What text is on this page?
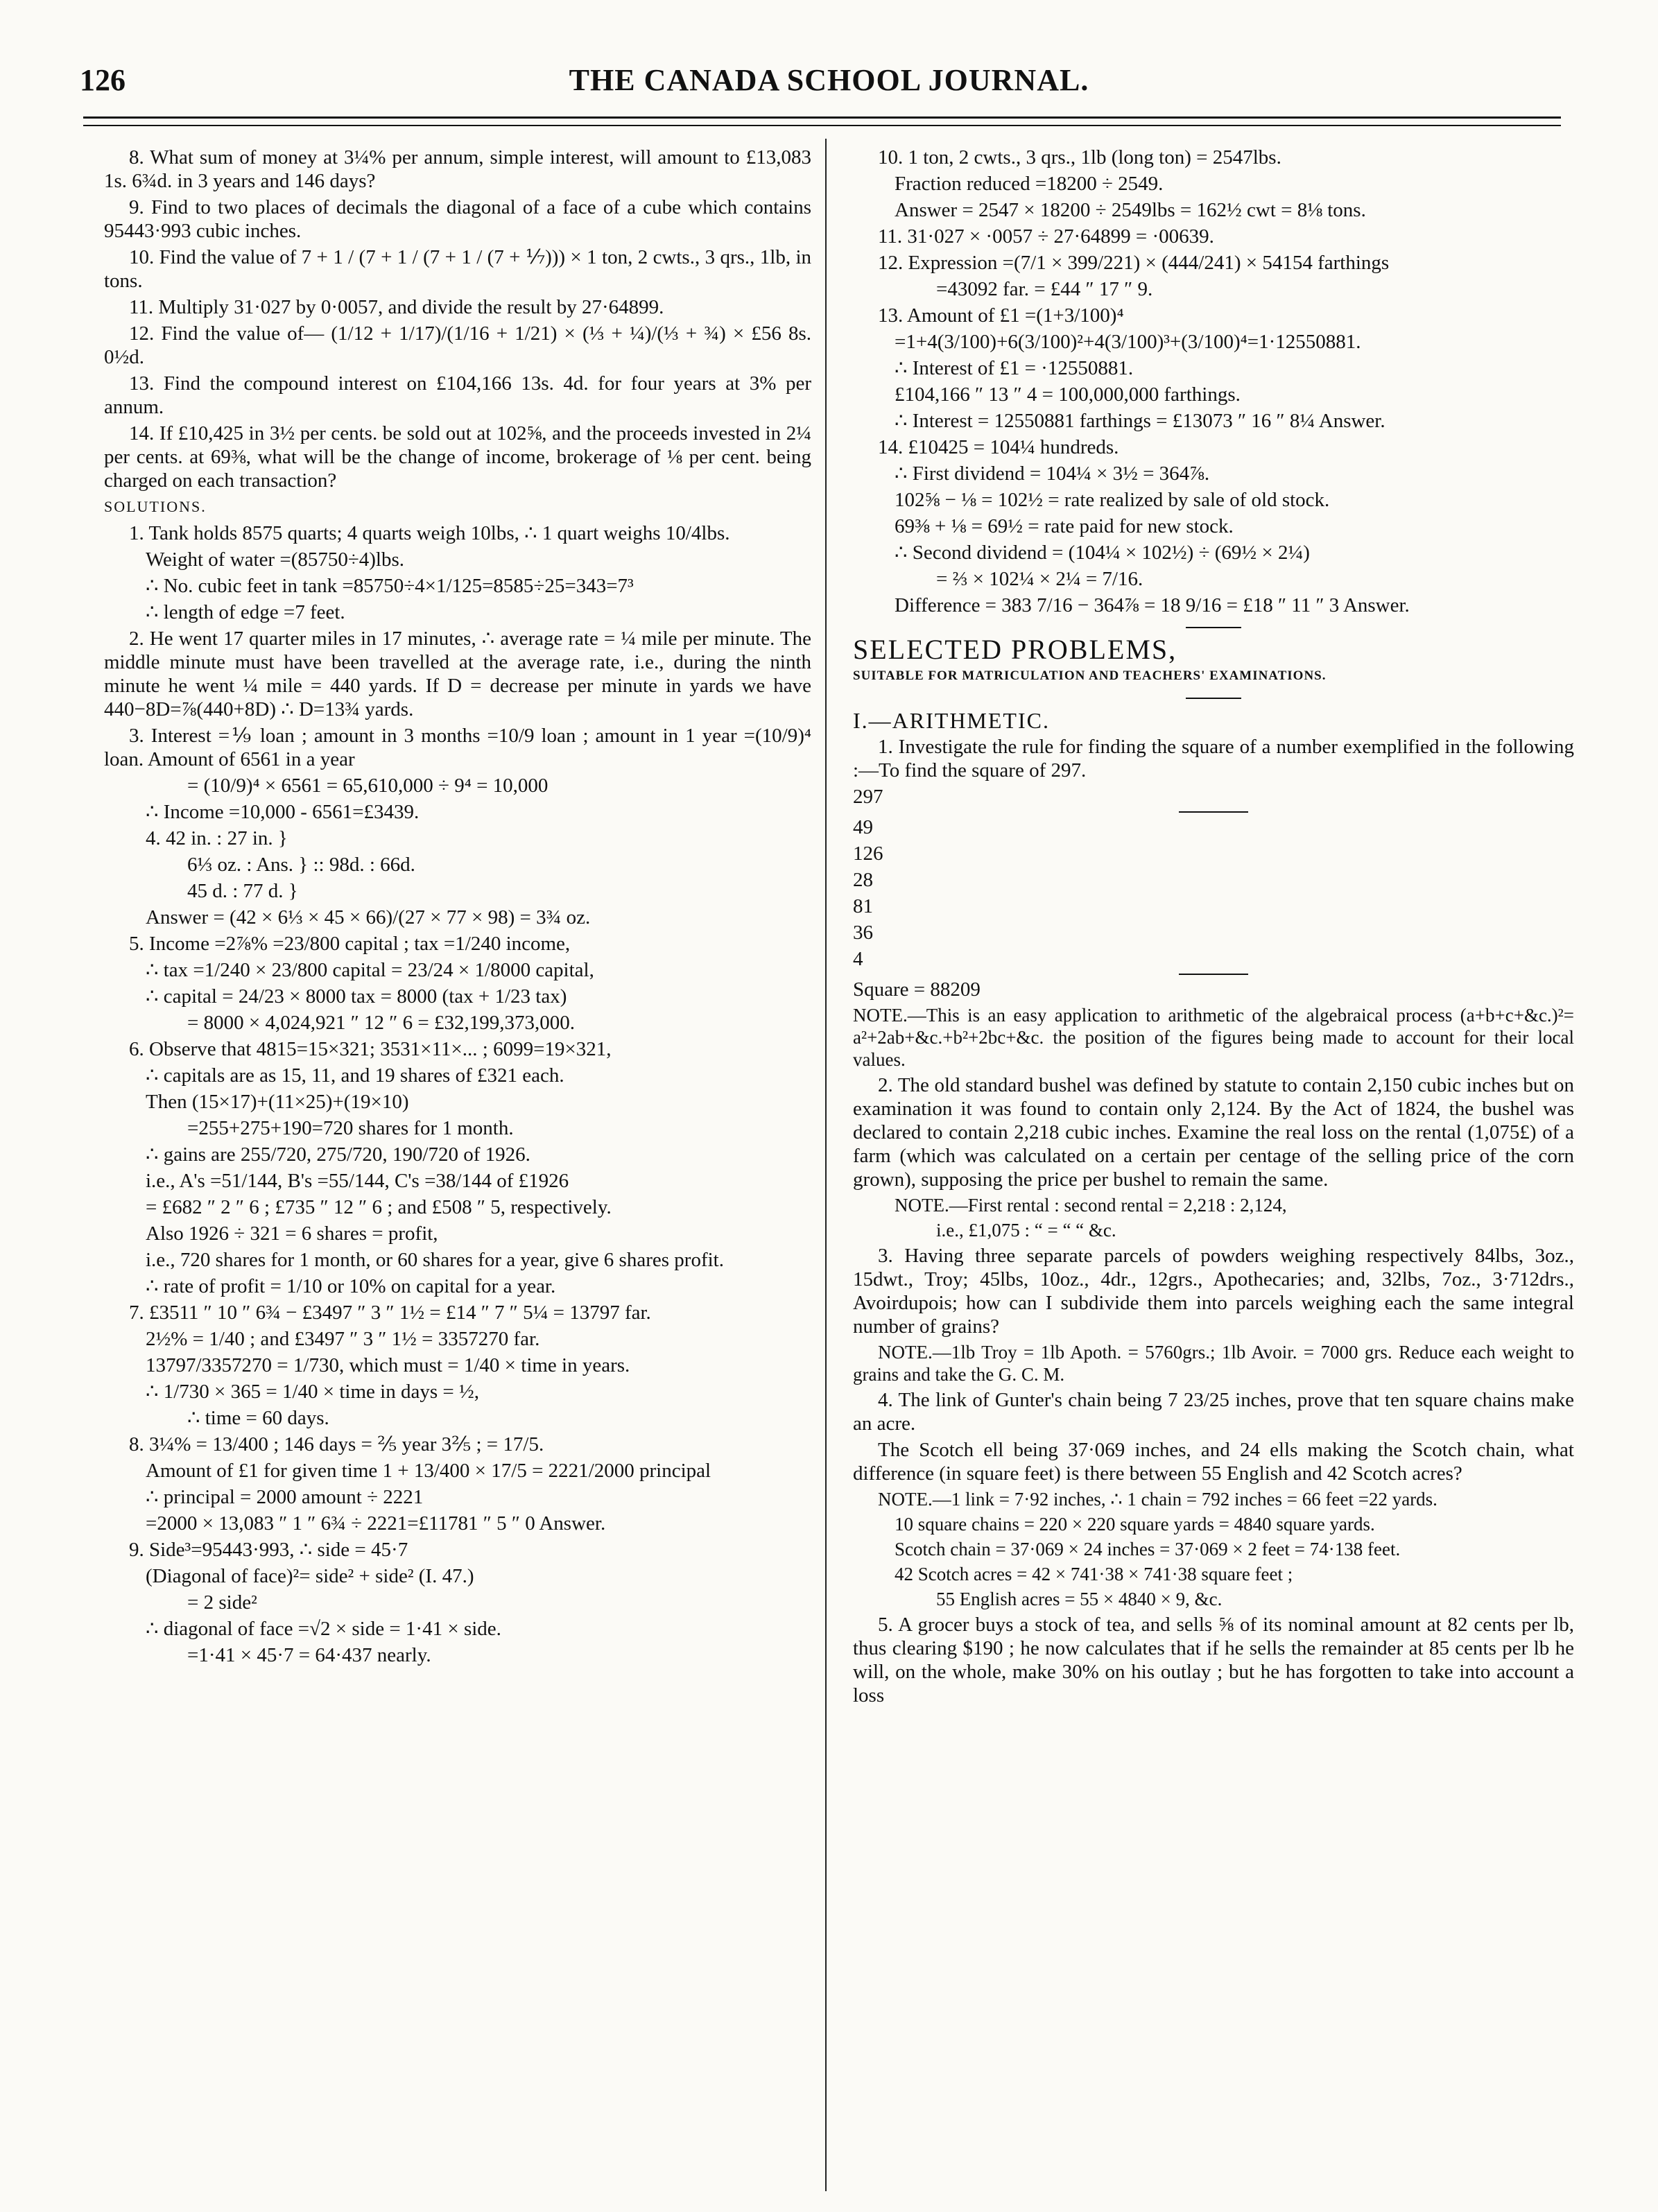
126	THE CANADA SCHOOL JOURNAL.

8. What sum of money at 3¼% per annum, simple interest, will amount to £13,083 1s. 6¾d. in 3 years and 146 days?

9. Find to two places of decimals the diagonal of a face of a cube which contains 95443·993 cubic inches.

10. Find the value of 7 + 1 / (7 + 1 / (7 + 1 / (7 + ⅐))) × 1 ton, 2 cwts., 3 qrs., 1lb, in tons.

11. Multiply 31·027 by 0·0057, and divide the result by 27·64899.

12. Find the value of— (1/12 + 1/17)/(1/16 + 1/21) × (⅓ + ¼)/(⅓ + ¾) × £56 8s. 0½d.

13. Find the compound interest on £104,166 13s. 4d. for four years at 3% per annum.

14. If £10,425 in 3½ per cents. be sold out at 102⅝, and the proceeds invested in 2¼ per cents. at 69⅜, what will be the change of income, brokerage of ⅛ per cent. being charged on each transaction?

SOLUTIONS.

1. Tank holds 8575 quarts; 4 quarts weigh 10lbs, ∴ 1 quart weighs 10/4lbs.

Weight of water =(85750÷4)lbs.

∴ No. cubic feet in tank =85750÷4×1/125=8585÷25=343=7³

∴ length of edge =7 feet.

2. He went 17 quarter miles in 17 minutes, ∴ average rate = ¼ mile per minute. The middle minute must have been travelled at the average rate, i.e., during the ninth minute he went ¼ mile = 440 yards. If D = decrease per minute in yards we have 440−8D=⅞(440+8D) ∴ D=13¾ yards.

3. Interest =⅑ loan ; amount in 3 months =10/9 loan ; amount in 1 year =(10/9)⁴ loan. Amount of 6561 in a year

= (10/9)⁴ × 6561 = 65,610,000 ÷ 9⁴ = 10,000

∴ Income =10,000 - 6561=£3439.

4. 42 in. : 27 in. }

6⅓ oz. : Ans. } :: 98d. : 66d.

45 d. : 77 d. }

Answer = (42 × 6⅓ × 45 × 66)/(27 × 77 × 98) = 3¾ oz.

5. Income =2⅞% =23/800 capital ; tax =1/240 income,

∴ tax =1/240 × 23/800 capital = 23/24 × 1/8000 capital,

∴ capital = 24/23 × 8000 tax = 8000 (tax + 1/23 tax)

= 8000 × 4,024,921 ″ 12 ″ 6 = £32,199,373,000.

6. Observe that 4815=15×321; 3531×11×... ; 6099=19×321,

∴ capitals are as 15, 11, and 19 shares of £321 each.

Then (15×17)+(11×25)+(19×10)

=255+275+190=720 shares for 1 month.

∴ gains are 255/720, 275/720, 190/720 of 1926.

i.e., A's =51/144, B's =55/144, C's =38/144 of £1926

= £682 ″ 2 ″ 6 ; £735 ″ 12 ″ 6 ; and £508 ″ 5, respectively.

Also 1926 ÷ 321 = 6 shares = profit,

i.e., 720 shares for 1 month, or 60 shares for a year, give 6 shares profit.

∴ rate of profit = 1/10 or 10% on capital for a year.

7. £3511 ″ 10 ″ 6¾ − £3497 ″ 3 ″ 1½ = £14 ″ 7 ″ 5¼ = 13797 far.

2½% = 1/40 ; and £3497 ″ 3 ″ 1½ = 3357270 far.

13797/3357270 = 1/730, which must = 1/40 × time in years.

∴ 1/730 × 365 = 1/40 × time in days = ½,

∴ time = 60 days.

8. 3¼% = 13/400 ; 146 days = ⅖ year 3⅖ ; = 17/5.

Amount of £1 for given time 1 + 13/400 × 17/5 = 2221/2000 principal

∴ principal = 2000 amount ÷ 2221

=2000 × 13,083 ″ 1 ″ 6¾ ÷ 2221=£11781 ″ 5 ″ 0 Answer.

9. Side³=95443·993, ∴ side = 45·7

(Diagonal of face)²= side² + side² (I. 47.)

= 2 side²

∴ diagonal of face =√2 × side = 1·41 × side.

=1·41 × 45·7 = 64·437 nearly.

10. 1 ton, 2 cwts., 3 qrs., 1lb (long ton) = 2547lbs.

Fraction reduced =18200 ÷ 2549.

Answer = 2547 × 18200 ÷ 2549lbs = 162½ cwt = 8⅛ tons.

11. 31·027 × ·0057 ÷ 27·64899 = ·00639.

12. Expression =(7/1 × 399/221) × (444/241) × 54154 farthings

=43092 far. = £44 ″ 17 ″ 9.

13. Amount of £1 =(1+3/100)⁴

=1+4(3/100)+6(3/100)²+4(3/100)³+(3/100)⁴=1·12550881.

∴ Interest of £1 = ·12550881.

£104,166 ″ 13 ″ 4 = 100,000,000 farthings.

∴ Interest = 12550881 farthings = £13073 ″ 16 ″ 8¼ Answer.

14. £10425 = 104¼ hundreds.

∴ First dividend = 104¼ × 3½ = 364⅞.

102⅝ − ⅛ = 102½ = rate realized by sale of old stock.

69⅜ + ⅛ = 69½ = rate paid for new stock.

∴ Second dividend = (104¼ × 102½) ÷ (69½ × 2¼)

= ⅔ × 102¼ × 2¼ = 7/16.

Difference = 383 7/16 − 364⅞ = 18 9/16 = £18 ″ 11 ″ 3 Answer.

SELECTED PROBLEMS,

SUITABLE FOR MATRICULATION AND TEACHERS' EXAMINATIONS.

I.—ARITHMETIC.

1. Investigate the rule for finding the square of a number exemplified in the following :—To find the square of 297.

297

49

126

28

81

36

4

Square = 88209

NOTE.—This is an easy application to arithmetic of the algebraical process (a+b+c+&c.)²= a²+2ab+&c.+b²+2bc+&c. the position of the figures being made to account for their local values.

2. The old standard bushel was defined by statute to contain 2,150 cubic inches but on examination it was found to contain only 2,124. By the Act of 1824, the bushel was declared to contain 2,218 cubic inches. Examine the real loss on the rental (1,075£) of a farm (which was calculated on a certain per centage of the selling price of the corn grown), supposing the price per bushel to remain the same.

NOTE.—First rental : second rental = 2,218 : 2,124,

i.e., £1,075 : “ = “ “ &c.

3. Having three separate parcels of powders weighing respectively 84lbs, 3oz., 15dwt., Troy; 45lbs, 10oz., 4dr., 12grs., Apothecaries; and, 32lbs, 7oz., 3·712drs., Avoirdupois; how can I subdivide them into parcels weighing each the same integral number of grains?

NOTE.—1lb Troy = 1lb Apoth. = 5760grs.; 1lb Avoir. = 7000 grs. Reduce each weight to grains and take the G. C. M.

4. The link of Gunter's chain being 7 23/25 inches, prove that ten square chains make an acre.

The Scotch ell being 37·069 inches, and 24 ells making the Scotch chain, what difference (in square feet) is there between 55 English and 42 Scotch acres?

NOTE.—1 link = 7·92 inches, ∴ 1 chain = 792 inches = 66 feet =22 yards.

10 square chains = 220 × 220 square yards = 4840 square yards.

Scotch chain = 37·069 × 24 inches = 37·069 × 2 feet = 74·138 feet.

42 Scotch acres = 42 × 741·38 × 741·38 square feet ;

55 English acres = 55 × 4840 × 9, &c.

5. A grocer buys a stock of tea, and sells ⅝ of its nominal amount at 82 cents per lb, thus clearing $190 ; he now calculates that if he sells the remainder at 85 cents per lb he will, on the whole, make 30% on his outlay ; but he has forgotten to take into account a loss
